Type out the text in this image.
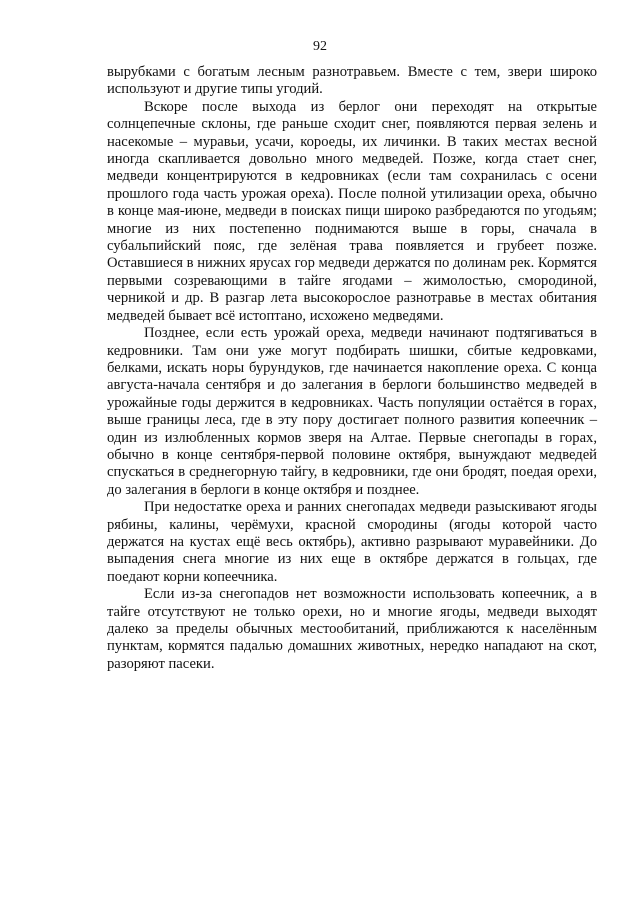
92

вырубками с богатым лесным разнотравьем. Вместе с тем, звери широко используют и другие типы угодий.

Вскоре после выхода из берлог они переходят на открытые солнцепечные склоны, где раньше сходит снег, появляются первая зелень и насекомые – муравьи, усачи, короеды, их личинки. В таких местах весной иногда скапливается довольно много медведей. Позже, когда стает снег, медведи концентрируются в кедровниках (если там сохранилась с осени прошлого года часть урожая ореха). После полной утилизации ореха, обычно в конце мая-июне, медведи в поисках пищи широко разбредаются по угодьям; многие из них постепенно поднимаются выше в горы, сначала в субальпийский пояс, где зелёная трава появляется и грубеет позже. Оставшиеся в нижних ярусах гор медведи держатся по долинам рек. Кормятся первыми созревающими в тайге ягодами – жимолостью, смородиной, черникой и др. В разгар лета высокорослое разнотравье в местах обитания медведей бывает всё истоптано, исхожено медведями.

Позднее, если есть урожай ореха, медведи начинают подтягиваться в кедровники. Там они уже могут подбирать шишки, сбитые кедровками, белками, искать норы бурундуков, где начинается накопление ореха. С конца августа-начала сентября и до залегания в берлоги большинство медведей в урожайные годы держится в кедровниках. Часть популяции остаётся в горах, выше границы леса, где в эту пору достигает полного развития копеечник – один из излюбленных кормов зверя на Алтае. Первые снегопады в горах, обычно в конце сентября-первой половине октября, вынуждают медведей спускаться в среднегорную тайгу, в кедровники, где они бродят, поедая орехи, до залегания в берлоги в конце октября и позднее.

При недостатке ореха и ранних снегопадах медведи разыскивают ягоды рябины, калины, черёмухи, красной смородины (ягоды которой часто держатся на кустах ещё весь октябрь), активно разрывают муравейники. До выпадения снега многие из них еще в октябре держатся в гольцах, где поедают корни копеечника.

Если из-за снегопадов нет возможности использовать копеечник, а в тайге отсутствуют не только орехи, но и многие ягоды, медведи выходят далеко за пределы обычных местообитаний, приближаются к населённым пунктам, кормятся падалью домашних животных, нередко нападают на скот, разоряют пасеки.
